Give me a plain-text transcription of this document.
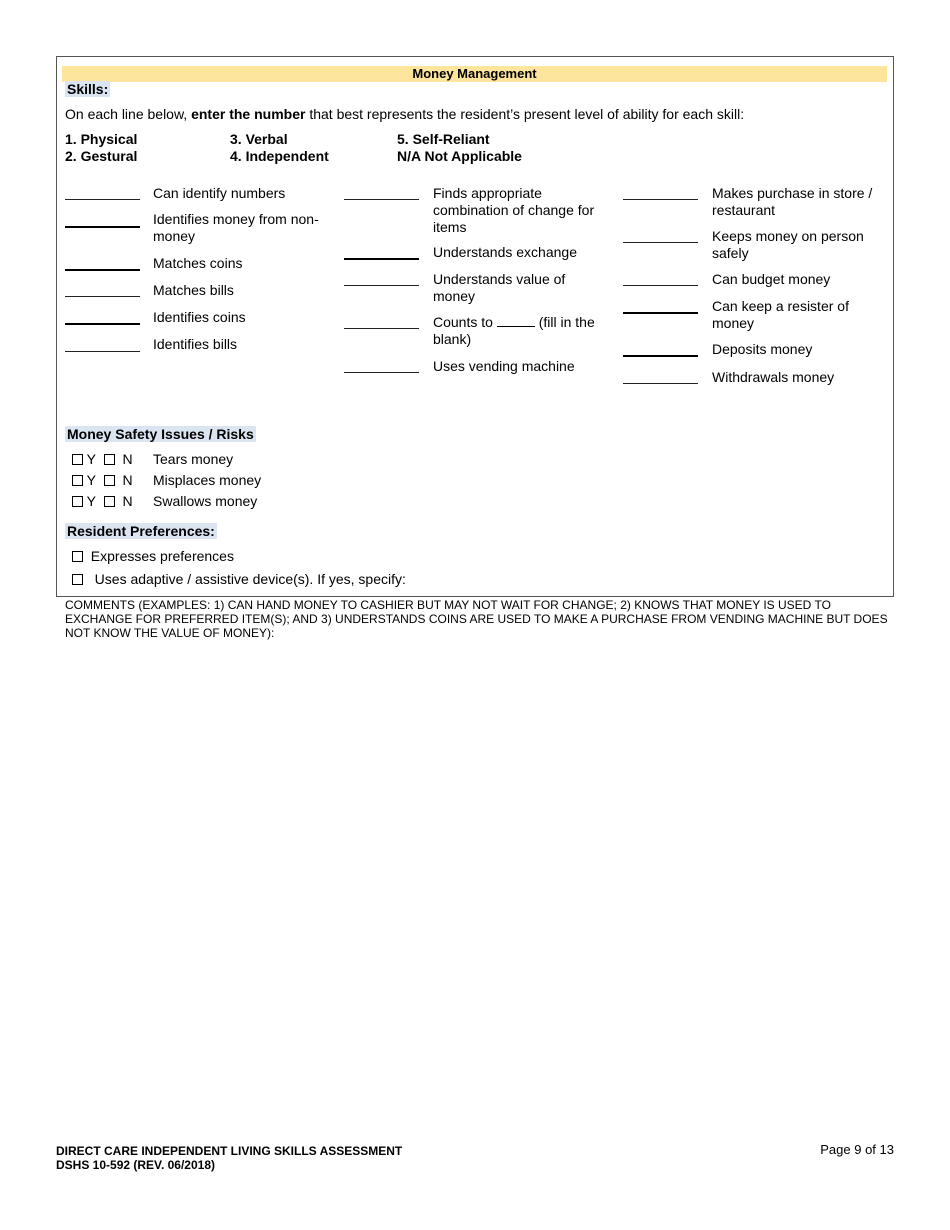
Money Management
Skills:
On each line below, enter the number that best represents the resident’s present level of ability for each skill:
1. Physical
2. Gestural
3. Verbal
4. Independent
5. Self-Reliant
N/A Not Applicable
Can identify numbers
Identifies money from non-money
Matches coins
Matches bills
Identifies coins
Identifies bills
Finds appropriate combination of change for items
Understands exchange
Understands value of money
Counts to	(fill in the blank)
Uses vending machine
Makes purchase in store / restaurant
Keeps money on person safely
Can budget money
Can keep a resister of money
Deposits money
Withdrawals money
Money Safety Issues / Risks
Y N Tears money
Y N Misplaces money
Y N Swallows money
Resident Preferences:
Expresses preferences
Uses adaptive / assistive device(s). If yes, specify:
COMMENTS (EXAMPLES: 1) CAN HAND MONEY TO CASHIER BUT MAY NOT WAIT FOR CHANGE; 2) KNOWS THAT MONEY IS USED TO EXCHANGE FOR PREFERRED ITEM(S); AND 3) UNDERSTANDS COINS ARE USED TO MAKE A PURCHASE FROM VENDING MACHINE BUT DOES NOT KNOW THE VALUE OF MONEY):
DIRECT CARE INDEPENDENT LIVING SKILLS ASSESSMENT
DSHS 10-592 (REV. 06/2018)
Page 9 of 13
